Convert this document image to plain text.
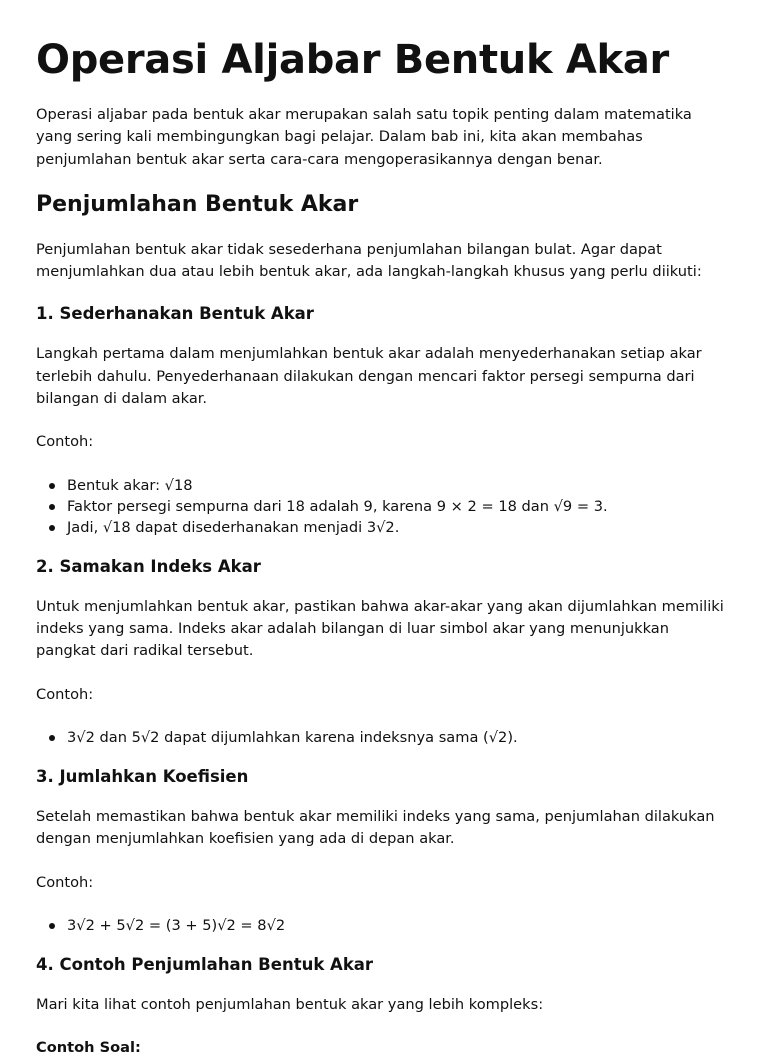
Operasi Aljabar Bentuk Akar

Operasi aljabar pada bentuk akar merupakan salah satu topik penting dalam matematika yang sering kali membingungkan bagi pelajar. Dalam bab ini, kita akan membahas penjumlahan bentuk akar serta cara-cara mengoperasikannya dengan benar.

Penjumlahan Bentuk Akar

Penjumlahan bentuk akar tidak sesederhana penjumlahan bilangan bulat. Agar dapat menjumlahkan dua atau lebih bentuk akar, ada langkah-langkah khusus yang perlu diikuti:

1. Sederhanakan Bentuk Akar

Langkah pertama dalam menjumlahkan bentuk akar adalah menyederhanakan setiap akar terlebih dahulu. Penyederhanaan dilakukan dengan mencari faktor persegi sempurna dari bilangan di dalam akar.

Contoh:

Bentuk akar: √18
Faktor persegi sempurna dari 18 adalah 9, karena 9 × 2 = 18 dan √9 = 3.
Jadi, √18 dapat disederhanakan menjadi 3√2.
2. Samakan Indeks Akar

Untuk menjumlahkan bentuk akar, pastikan bahwa akar-akar yang akan dijumlahkan memiliki indeks yang sama. Indeks akar adalah bilangan di luar simbol akar yang menunjukkan pangkat dari radikal tersebut.

Contoh:

3√2 dan 5√2 dapat dijumlahkan karena indeksnya sama (√2).
3. Jumlahkan Koefisien

Setelah memastikan bahwa bentuk akar memiliki indeks yang sama, penjumlahan dilakukan dengan menjumlahkan koefisien yang ada di depan akar.

Contoh:

3√2 + 5√2 = (3 + 5)√2 = 8√2
4. Contoh Penjumlahan Bentuk Akar

Mari kita lihat contoh penjumlahan bentuk akar yang lebih kompleks:

Contoh Soal:
